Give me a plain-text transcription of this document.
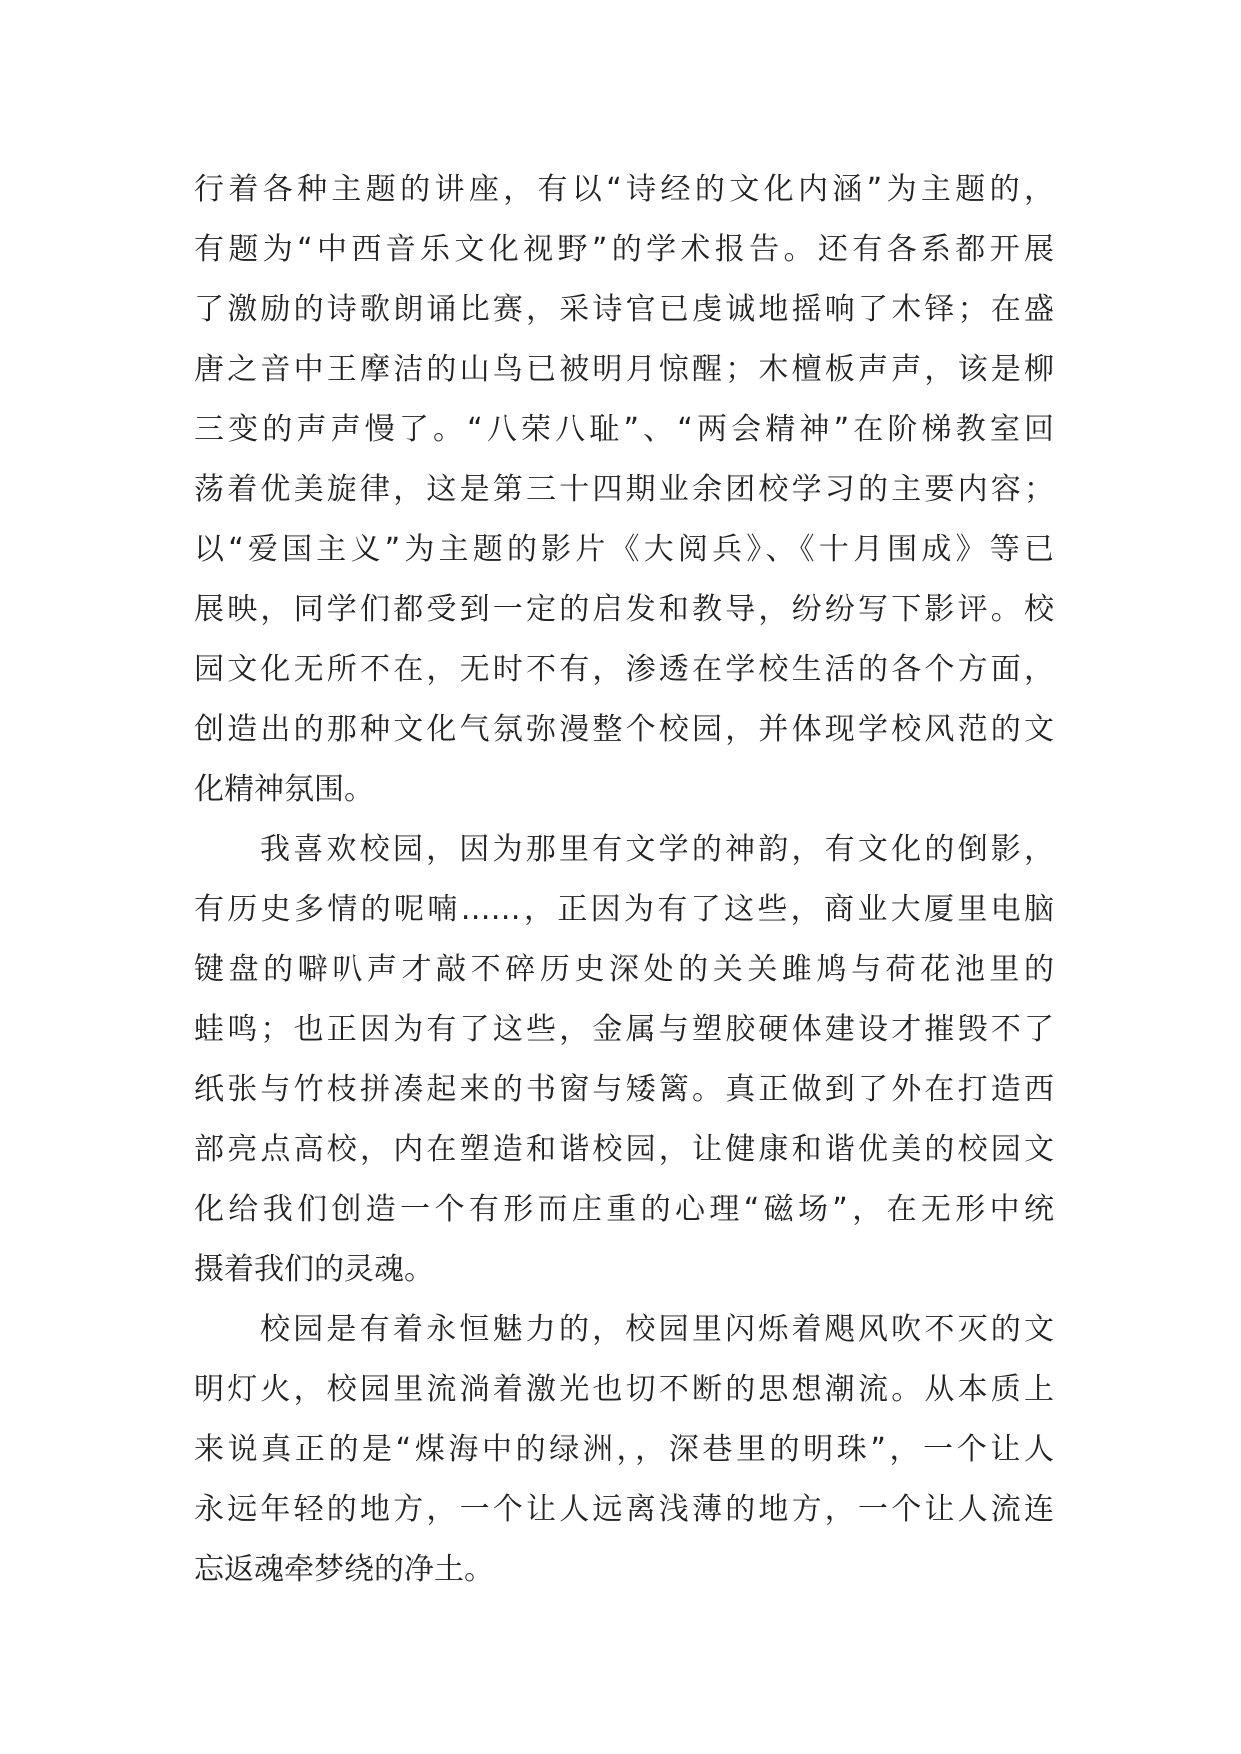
行着各种主题的讲座，有以“诗经的文化内涵”为主题的，
有题为“中西音乐文化视野”的学术报告。还有各系都开展
了激励的诗歌朗诵比赛，采诗官已虔诚地摇响了木铎；在盛
唐之音中王摩洁的山鸟已被明月惊醒；木檀板声声，该是柳
三变的声声慢了。“八荣八耻”、“两会精神”在阶梯教室回
荡着优美旋律，这是第三十四期业余团校学习的主要内容；
以“爱国主义”为主题的影片《大阅兵》、《十月围成》等已
展映，同学们都受到一定的启发和教导，纷纷写下影评。校
园文化无所不在，无时不有，渗透在学校生活的各个方面，
创造出的那种文化气氛弥漫整个校园，并体现学校风范的文
化精神氛围。
我喜欢校园，因为那里有文学的神韵，有文化的倒影，
有历史多情的呢喃……，正因为有了这些，商业大厦里电脑
键盘的噼叭声才敲不碎历史深处的关关雎鸠与荷花池里的
蛙鸣；也正因为有了这些，金属与塑胶硬体建设才摧毁不了
纸张与竹枝拼凑起来的书窗与矮篱。真正做到了外在打造西
部亮点高校，内在塑造和谐校园，让健康和谐优美的校园文
化给我们创造一个有形而庄重的心理“磁场”，在无形中统
摄着我们的灵魂。
校园是有着永恒魅力的，校园里闪烁着飓风吹不灭的文
明灯火，校园里流淌着激光也切不断的思想潮流。从本质上
来说真正的是“煤海中的绿洲，，深巷里的明珠”，一个让人
永远年轻的地方，一个让人远离浅薄的地方，一个让人流连
忘返魂牵梦绕的净土。
